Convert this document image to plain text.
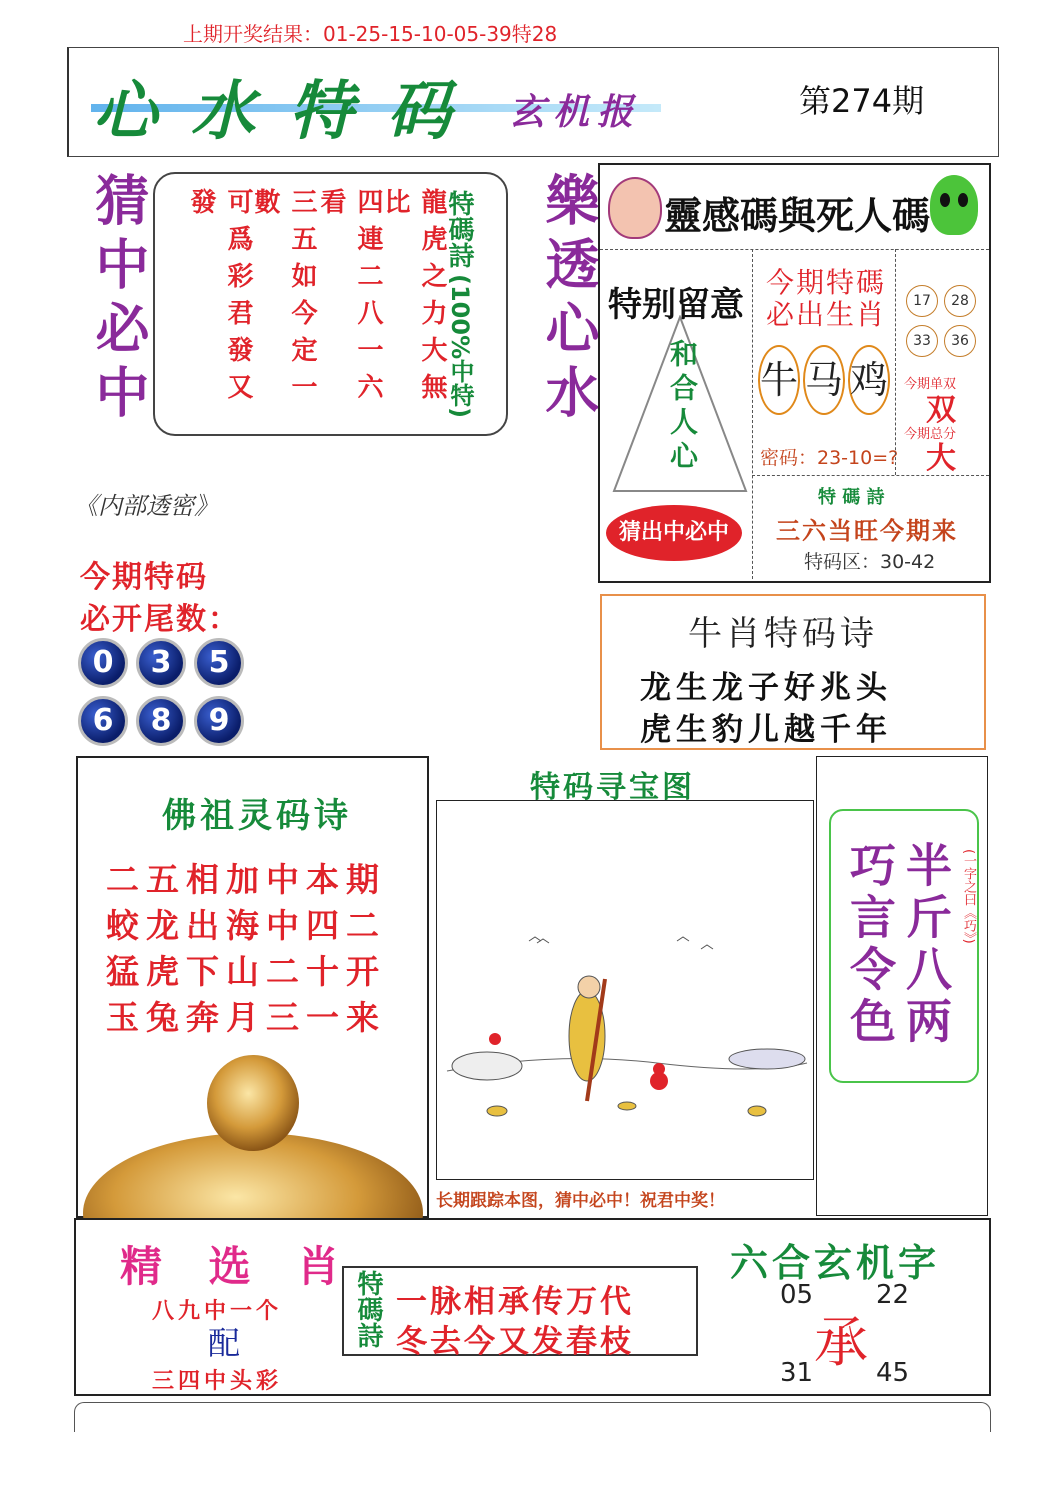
上期开奖结果：01-25-15-10-05-39特28
心水特码 玄机报	第274期
猜中必中	樂透心水
可爲彩君發又發	三五如今定一數	四連二八一六看	龍虎之力大無比	特碼詩
(100%中特)
靈感碼與死人碼
特别留意
和合人心
猜出中必中
今期特碼
必出生肖
牛 马 鸡
密码：23-10=?
17	28
33	36
今期单双
双
今期总分
大
特 碼 詩
三六当旺今期来
特码区：30-42
《内部透密》
今期特码
必开尾数：
0 3 5
6 8 9
牛肖特码诗
龙生龙子好兆头
虎生豹儿越千年
佛祖灵码诗
二五相加中本期
蛟龙出海中四二
猛虎下山二十开
玉兔奔月三一来
特码寻宝图
长期跟踪本图，猜中必中！祝君中奖！
半斤八两
巧言令色	(一字之曰《巧》)
精 选 肖
八九中一个
配
三四中头彩
特碼詩 一脉相承传万代
冬去今又发春枝
六合玄机字
05 22
承
31 45
